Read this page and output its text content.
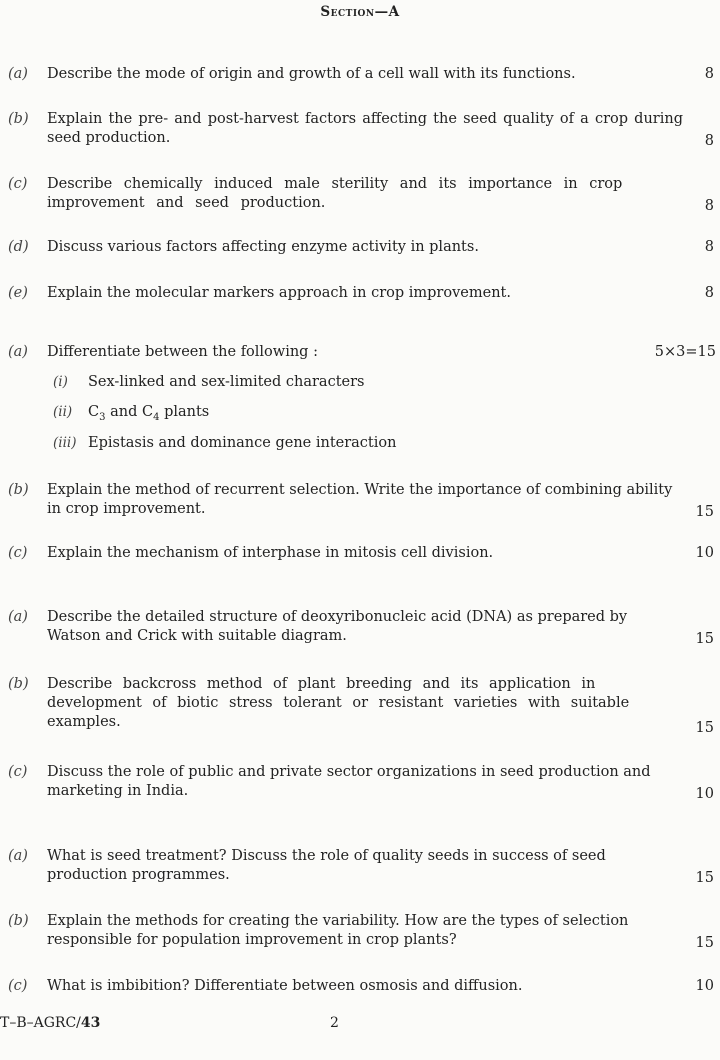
Section—A
(a) Describe the mode of origin and growth of a cell wall with its functions.	8
(b) Explain the pre- and post-harvest factors affecting the seed quality of a crop during seed production.	8
(c) Describe chemically induced male sterility and its importance in crop improvement and seed production.	8
(d) Discuss various factors affecting enzyme activity in plants.	8
(e) Explain the molecular markers approach in crop improvement.	8
(a) Differentiate between the following :	5×3=15
(i) Sex-linked and sex-limited characters
(ii) $C_3$ and $C_4$ plants
(iii) Epistasis and dominance gene interaction
(b) Explain the method of recurrent selection. Write the importance of combining ability in crop improvement.	15
(c) Explain the mechanism of interphase in mitosis cell division.	10
(a) Describe the detailed structure of deoxyribonucleic acid (DNA) as prepared by Watson and Crick with suitable diagram.	15
(b) Describe backcross method of plant breeding and its application in development of biotic stress tolerant or resistant varieties with suitable examples.	15
(c) Discuss the role of public and private sector organizations in seed production and marketing in India.	10
(a) What is seed treatment? Discuss the role of quality seeds in success of seed production programmes.	15
(b) Explain the methods for creating the variability. How are the types of selection responsible for population improvement in crop plants?	15
(c) What is imbibition? Differentiate between osmosis and diffusion.	10
T–B–AGRC/43	2
